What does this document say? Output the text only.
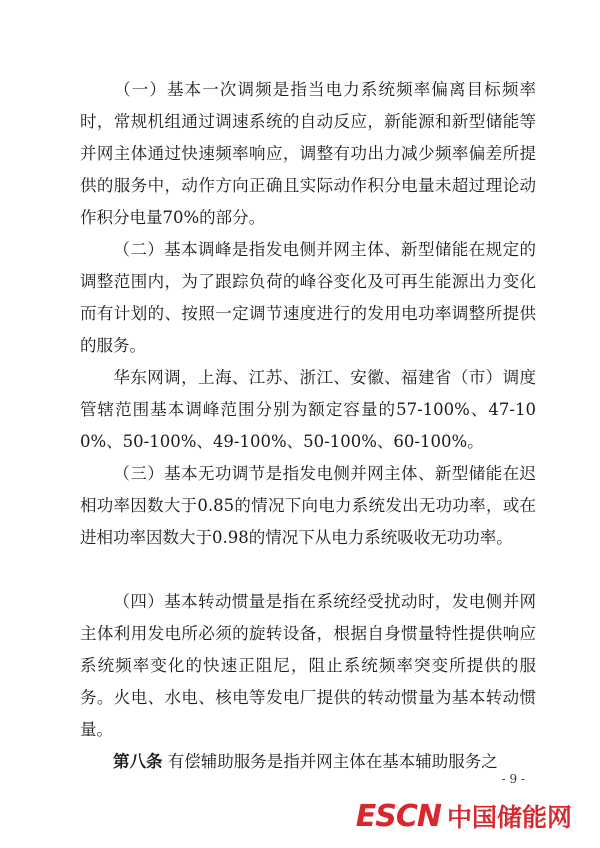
（一）基本一次调频是指当电力系统频率偏离目标频率时，常规机组通过调速系统的自动反应，新能源和新型储能等并网主体通过快速频率响应，调整有功出力减少频率偏差所提供的服务中，动作方向正确且实际动作积分电量未超过理论动作积分电量70%的部分。

（二）基本调峰是指发电侧并网主体、新型储能在规定的调整范围内，为了跟踪负荷的峰谷变化及可再生能源出力变化而有计划的、按照一定调节速度进行的发用电功率调整所提供的服务。

华东网调，上海、江苏、浙江、安徽、福建省（市）调度管辖范围基本调峰范围分别为额定容量的57-100%、47-100%、50-100%、49-100%、50-100%、60-100%。

（三）基本无功调节是指发电侧并网主体、新型储能在迟相功率因数大于0.85的情况下向电力系统发出无功功率，或在进相功率因数大于0.98的情况下从电力系统吸收无功功率。

（四）基本转动惯量是指在系统经受扰动时，发电侧并网主体利用发电所必须的旋转设备，根据自身惯量特性提供响应系统频率变化的快速正阻尼，阻止系统频率突变所提供的服务。火电、水电、核电等发电厂提供的转动惯量为基本转动惯量。

第八条 有偿辅助服务是指并网主体在基本辅助服务之

- 9 -
ESCN 中国储能网
